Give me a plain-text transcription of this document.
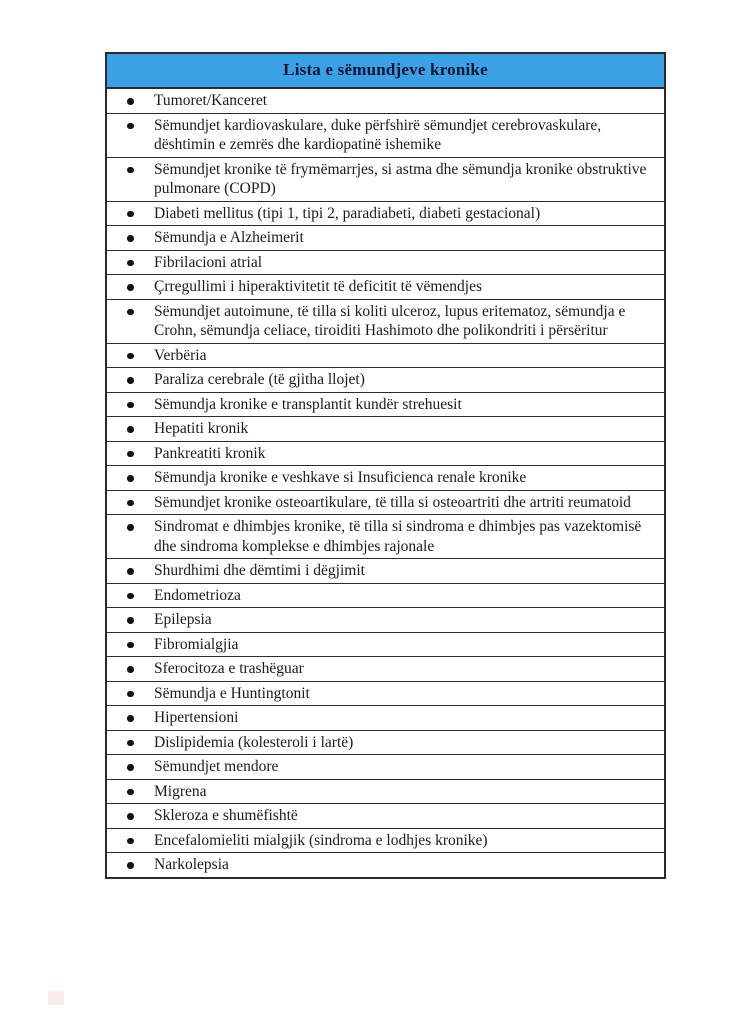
Lista e sëmundjeve kronike
Tumoret/Kanceret
Sëmundjet kardiovaskulare, duke përfshirë sëmundjet cerebrovaskulare, dështimin e zemrës dhe kardiopatinë ishemike
Sëmundjet kronike të frymëmarrjes, si astma dhe sëmundja kronike obstruktive pulmonare (COPD)
Diabeti mellitus (tipi 1, tipi 2, paradiabeti, diabeti gestacional)
Sëmundja e Alzheimerit
Fibrilacioni atrial
Çrregullimi i hiperaktivitetit të deficitit të vëmendjes
Sëmundjet autoimune, të tilla si koliti ulceroz, lupus eritematoz, sëmundja e Crohn, sëmundja celiace, tiroiditi Hashimoto dhe polikondriti i përsëritur
Verbëria
Paraliza cerebrale (të gjitha llojet)
Sëmundja kronike e transplantit kundër strehuesit
Hepatiti kronik
Pankreatiti kronik
Sëmundja kronike e veshkave si Insuficienca renale kronike
Sëmundjet kronike osteoartikulare, të tilla si osteoartriti dhe artriti reumatoid
Sindromat e dhimbjes kronike, të tilla si sindroma e dhimbjes pas vazektomisë dhe sindroma komplekse e dhimbjes rajonale
Shurdhimi dhe dëmtimi i dëgjimit
Endometrioza
Epilepsia
Fibromialgjia
Sferocitoza e trashëguar
Sëmundja e Huntingtonit
Hipertensioni
Dislipidemia (kolesteroli i lartë)
Sëmundjet mendore
Migrena
Skleroza e shumëfishtë
Encefalomieliti mialgjik (sindroma e lodhjes kronike)
Narkolepsia
